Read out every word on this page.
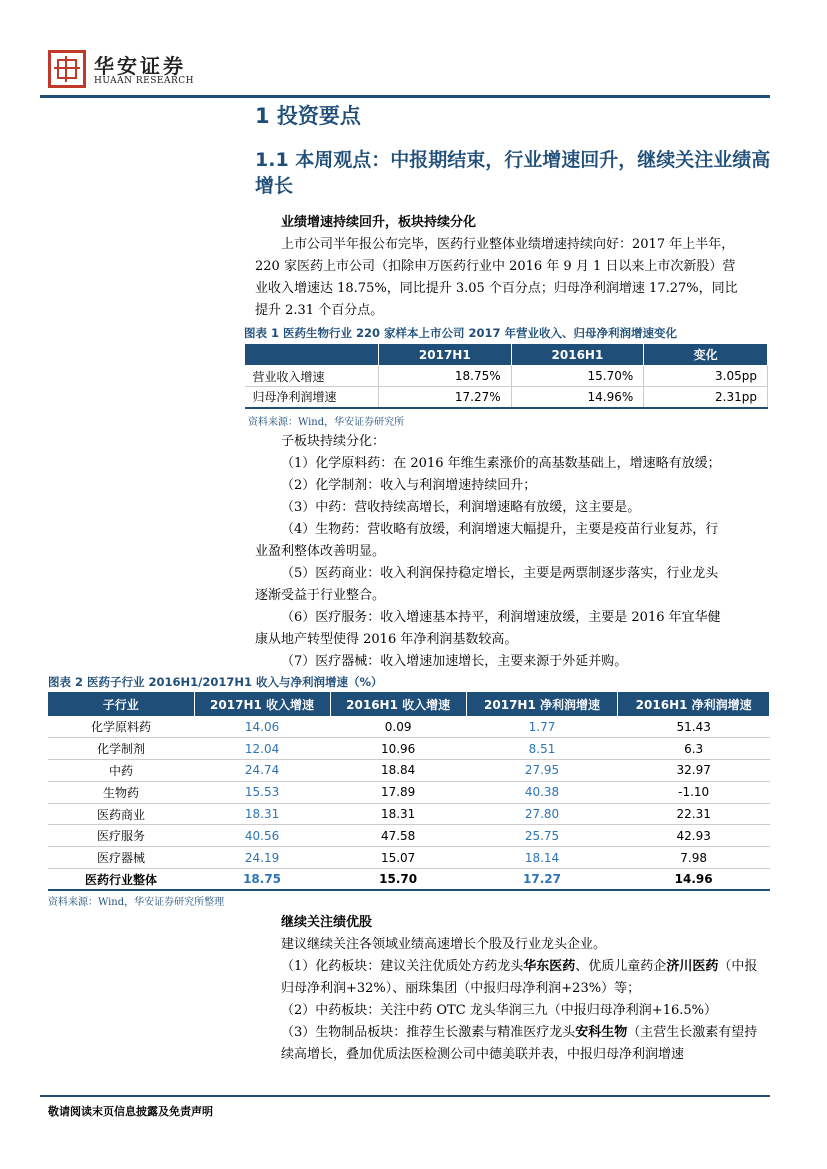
华安证券
HUAAN RESEARCH
1 投资要点
1.1 本周观点：中报期结束，行业增速回升，继续关注业绩高增长
业绩增速持续回升，板块持续分化
上市公司半年报公布完毕，医药行业整体业绩增速持续向好：2017 年上半年，
220 家医药上市公司（扣除申万医药行业中 2016 年 9 月 1 日以来上市次新股）营
业收入增速达 18.75%，同比提升 3.05 个百分点；归母净利润增速 17.27%，同比
提升 2.31 个百分点。
图表 1 医药生物行业 220 家样本上市公司 2017 年营业收入、归母净利润增速变化
	2017H1	2016H1	变化
营业收入增速	18.75%	15.70%	3.05pp
归母净利润增速	17.27%	14.96%	2.31pp
资料来源：Wind，华安证券研究所
子板块持续分化：
（1）化学原料药：在 2016 年维生素涨价的高基数基础上，增速略有放缓；
（2）化学制剂：收入与利润增速持续回升；
（3）中药：营收持续高增长，利润增速略有放缓，这主要是。
（4）生物药：营收略有放缓，利润增速大幅提升，主要是疫苗行业复苏，行
业盈利整体改善明显。
（5）医药商业：收入利润保持稳定增长，主要是两票制逐步落实，行业龙头
逐渐受益于行业整合。
（6）医疗服务：收入增速基本持平，利润增速放缓，主要是 2016 年宜华健
康从地产转型使得 2016 年净利润基数较高。
（7）医疗器械：收入增速加速增长，主要来源于外延并购。
图表 2 医药子行业 2016H1/2017H1 收入与净利润增速（%）
子行业	2017H1 收入增速	2016H1 收入增速	2017H1 净利润增速	2016H1 净利润增速
化学原料药	14.06	0.09	1.77	51.43
化学制剂	12.04	10.96	8.51	6.3
中药	24.74	18.84	27.95	32.97
生物药	15.53	17.89	40.38	-1.10
医药商业	18.31	18.31	27.80	22.31
医疗服务	40.56	47.58	25.75	42.93
医疗器械	24.19	15.07	18.14	7.98
医药行业整体	18.75	15.70	17.27	14.96
资料来源：Wind，华安证券研究所整理
继续关注绩优股
建议继续关注各领域业绩高速增长个股及行业龙头企业。
（1）化药板块：建议关注优质处方药龙头华东医药、优质儿童药企济川医药（中报归母净利润+32%）、丽珠集团（中报归母净利润+23%）等；
（2）中药板块：关注中药 OTC 龙头华润三九（中报归母净利润+16.5%）
（3）生物制品板块：推荐生长激素与精准医疗龙头安科生物（主营生长激素有望持续高增长，叠加优质法医检测公司中德美联并表，中报归母净利润增速
敬请阅读末页信息披露及免责声明
